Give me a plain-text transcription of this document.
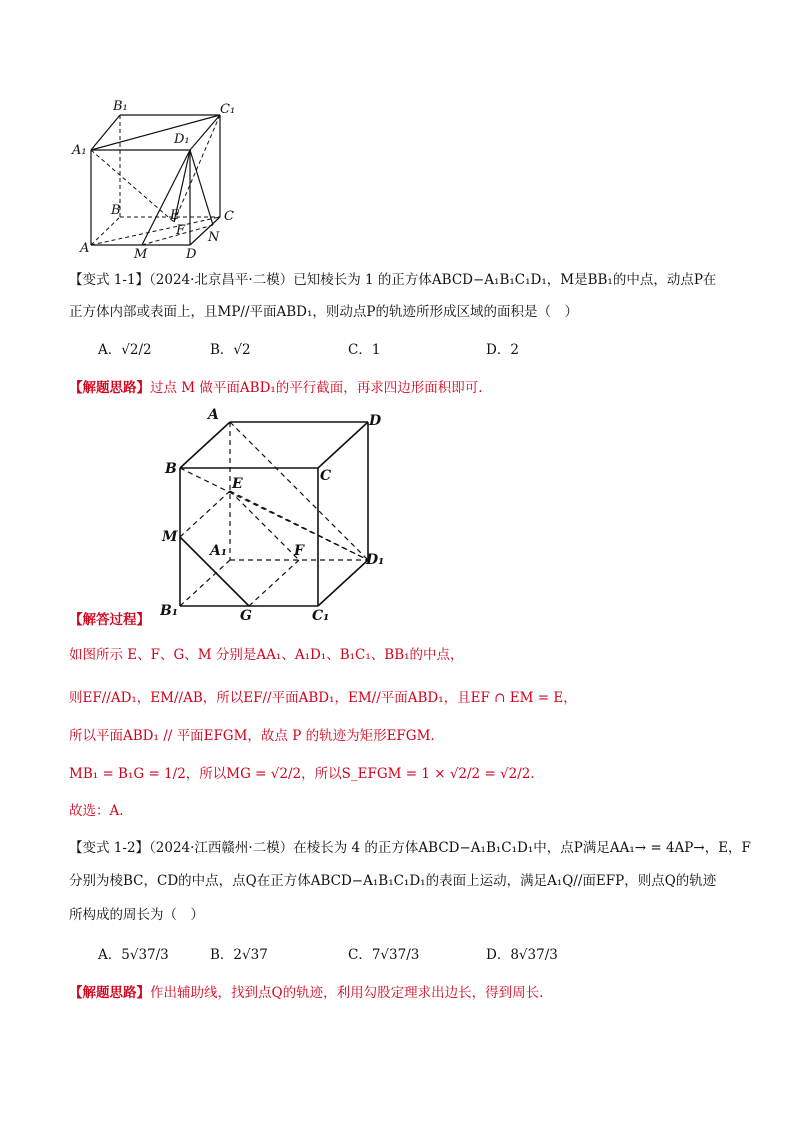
B₁	C₁
D₁
A₁
B	E	C
F N
A	M	D
【变式 1-1】（2024·北京昌平·二模）已知棱长为 1 的正方体ABCD−A₁B₁C₁D₁，M是BB₁的中点，动点P在
正方体内部或表面上，且MP//平面ABD₁，则动点P的轨迹所形成区域的面积是（　）
A．√2/2	B．√2	C．1	D．2
【解题思路】过点 M 做平面ABD₁的平行截面，再求四边形面积即可.
A	D
B	C
E
M
A₁	F
D₁
B₁	G	C₁
【解答过程】
如图所示 E、F、G、M 分别是AA₁、A₁D₁、B₁C₁、BB₁的中点，
则EF//AD₁，EM//AB，所以EF//平面ABD₁，EM//平面ABD₁，且EF ∩ EM = E，
所以平面ABD₁ // 平面EFGM，故点 P 的轨迹为矩形EFGM.
MB₁ = B₁G = 1/2，所以MG = √2/2，所以S_EFGM = 1 × √2/2 = √2/2.
故选：A.
【变式 1-2】（2024·江西赣州·二模）在棱长为 4 的正方体ABCD−A₁B₁C₁D₁中，点P满足AA₁→ = 4AP→，E，F
分别为棱BC，CD的中点，点Q在正方体ABCD−A₁B₁C₁D₁的表面上运动，满足A₁Q//面EFP，则点Q的轨迹
所构成的周长为（　）
A．5√37/3	B．2√37	C．7√37/3	D．8√37/3
【解题思路】作出辅助线，找到点Q的轨迹，利用勾股定理求出边长，得到周长.
